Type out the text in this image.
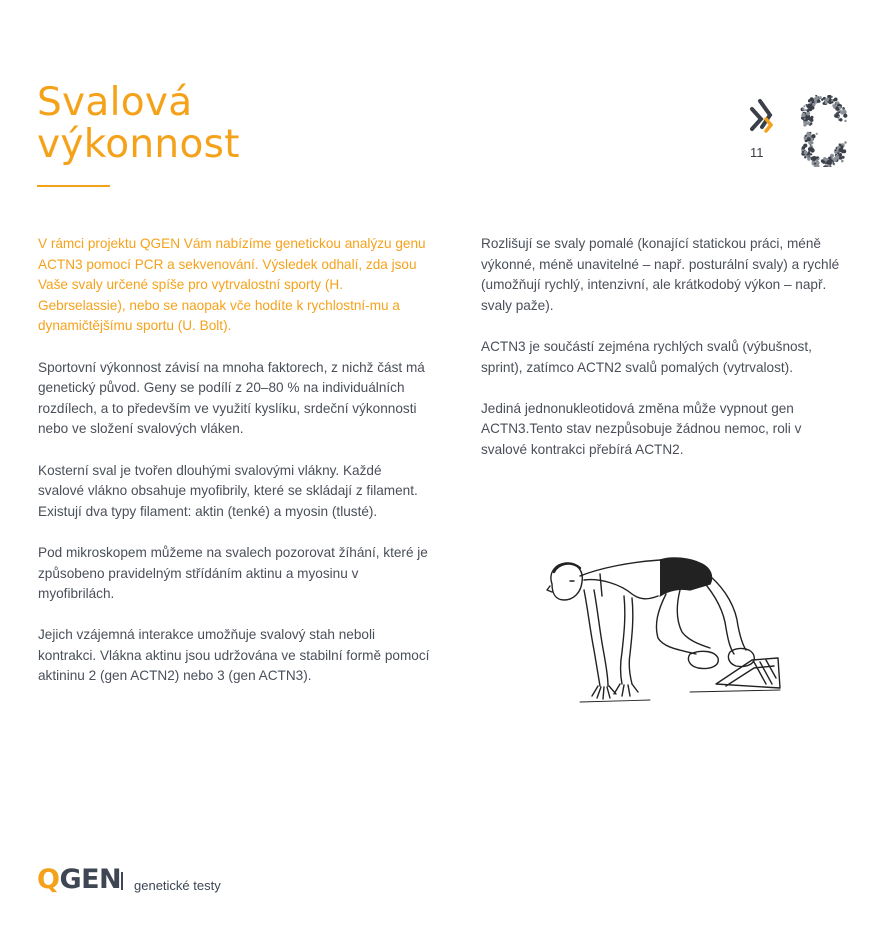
Svalová
výkonnost	11

V rámci projektu QGEN Vám nabízíme genetickou analýzu genu ACTN3 pomocí PCR a sekvenování. Výsledek odhalí, zda jsou Vaše svaly určené spíše pro vytrvalostní sporty (H. Gebrselassie), nebo se naopak vče hodíte k rychlostní-mu a dynamičtějšímu sportu (U. Bolt).

Sportovní výkonnost závisí na mnoha faktorech, z nichž část má genetický původ. Geny se podílí z 20–80 % na individuálních rozdílech, a to především ve využití kyslíku, srdeční výkonnosti nebo ve složení svalových vláken.

Kosterní sval je tvořen dlouhými svalovými vlákny. Každé svalové vlákno obsahuje myofibrily, které se skládají z filament. Existují dva typy filament: aktin (tenké) a myosin (tlusté).

Pod mikroskopem můžeme na svalech pozorovat žíhání, které je způsobeno pravidelným střídáním aktinu a myosinu v myofibrilách.

Jejich vzájemná interakce umožňuje svalový stah neboli kontrakci. Vlákna aktinu jsou udržována ve stabilní formě pomocí aktininu 2 (gen ACTN2) nebo 3 (gen ACTN3).

Rozlišují se svaly pomalé (konající statickou práci, méně výkonné, méně unavitelné – např. posturální svaly) a rychlé (umožňují rychlý, intenzivní, ale krátkodobý výkon – např. svaly paže).

ACTN3 je součástí zejména rychlých svalů (výbušnost, sprint), zatímco ACTN2 svalů pomalých (vytrvalost).

Jediná jednonukleotidová změna může vypnout gen ACTN3.Tento stav nezpůsobuje žádnou nemoc, roli v svalové kontrakci přebírá ACTN2.

QGEN genetické testy
